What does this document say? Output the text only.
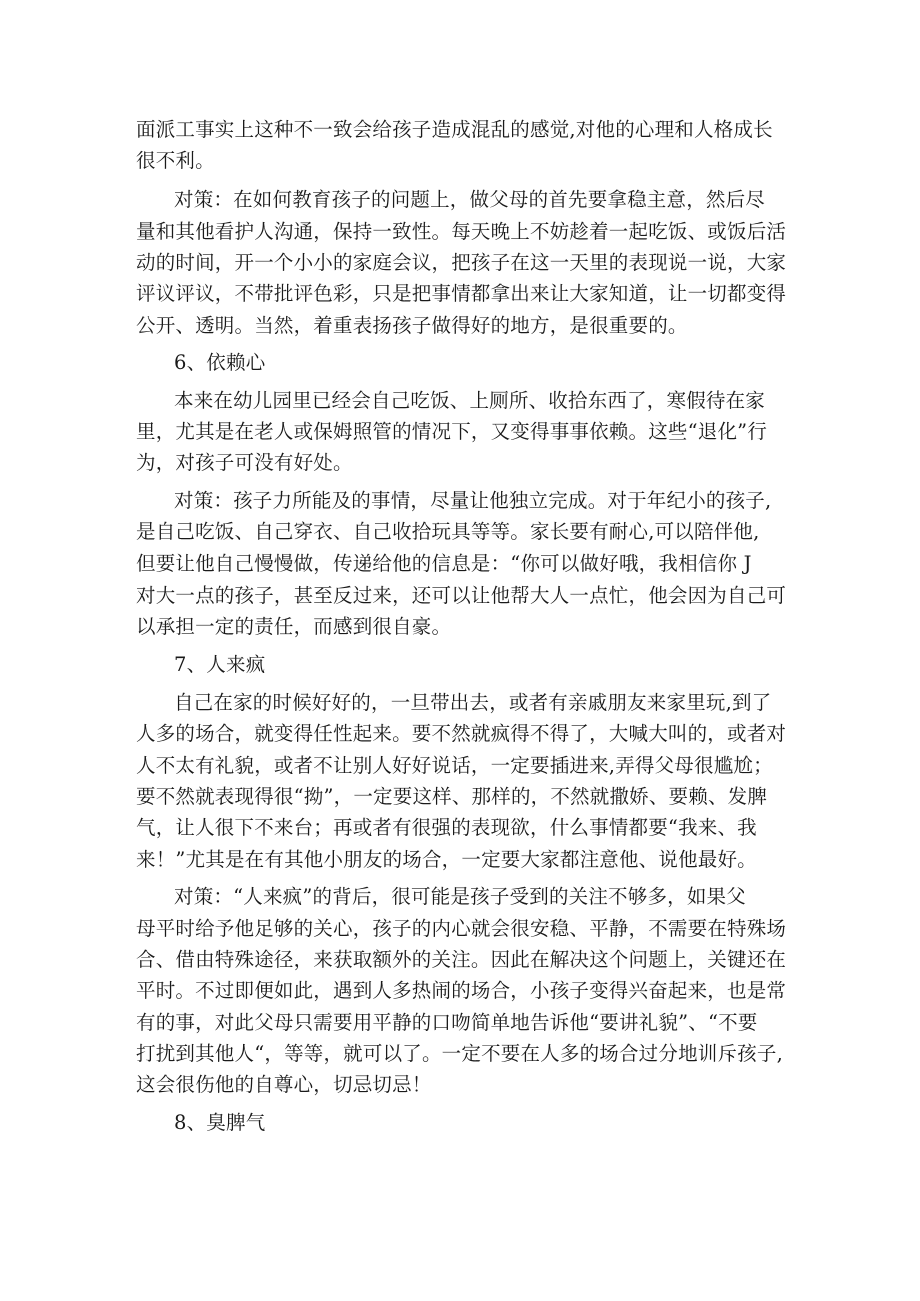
面派工事实上这种不一致会给孩子造成混乱的感觉,对他的心理和人格成长
很不利。
对策：在如何教育孩子的问题上，做父母的首先要拿稳主意，然后尽
量和其他看护人沟通，保持一致性。每天晚上不妨趁着一起吃饭、或饭后活
动的时间，开一个小小的家庭会议，把孩子在这一天里的表现说一说，大家
评议评议，不带批评色彩，只是把事情都拿出来让大家知道，让一切都变得
公开、透明。当然，着重表扬孩子做得好的地方，是很重要的。
6、依赖心
本来在幼儿园里已经会自己吃饭、上厕所、收拾东西了，寒假待在家
里，尤其是在老人或保姆照管的情况下，又变得事事依赖。这些“退化”行
为，对孩子可没有好处。
对策：孩子力所能及的事情，尽量让他独立完成。对于年纪小的孩子,
是自己吃饭、自己穿衣、自己收拾玩具等等。家长要有耐心,可以陪伴他,
但要让他自己慢慢做，传递给他的信息是：“你可以做好哦，我相信你 J
对大一点的孩子，甚至反过来，还可以让他帮大人一点忙，他会因为自己可
以承担一定的责任，而感到很自豪。
7、人来疯
自己在家的时候好好的，一旦带出去，或者有亲戚朋友来家里玩,到了
人多的场合，就变得任性起来。要不然就疯得不得了，大喊大叫的，或者对
人不太有礼貌，或者不让别人好好说话，一定要插进来,弄得父母很尴尬；
要不然就表现得很“拗”，一定要这样、那样的，不然就撒娇、要赖、发脾
气，让人很下不来台；再或者有很强的表现欲，什么事情都要“我来、我
来！”尤其是在有其他小朋友的场合，一定要大家都注意他、说他最好。
对策：“人来疯”的背后，很可能是孩子受到的关注不够多，如果父
母平时给予他足够的关心，孩子的内心就会很安稳、平静，不需要在特殊场
合、借由特殊途径，来获取额外的关注。因此在解决这个问题上，关键还在
平时。不过即便如此，遇到人多热闹的场合，小孩子变得兴奋起来，也是常
有的事，对此父母只需要用平静的口吻简单地告诉他“要讲礼貌”、“不要
打扰到其他人“，等等，就可以了。一定不要在人多的场合过分地训斥孩子,
这会很伤他的自尊心，切忌切忌！
8、臭脾气
